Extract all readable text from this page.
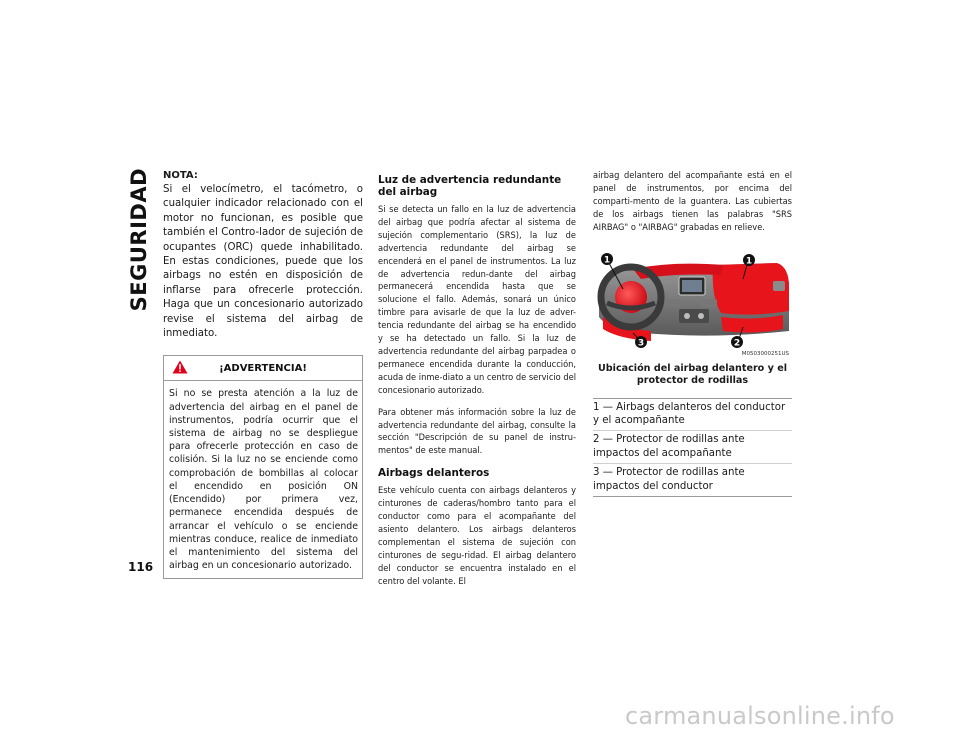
SEGURIDAD
116

NOTA:

Si el velocímetro, el tacómetro, o cualquier indicador relacionado con el motor no funcionan, es posible que también el Contro-lador de sujeción de ocupantes (ORC) quede inhabilitado. En estas condiciones, puede que los airbags no estén en disposición de inflarse para ofrecerle protección. Haga que un concesionario autorizado revise el sistema del airbag de inmediato.

¡ADVERTENCIA!

Si no se presta atención a la luz de advertencia del airbag en el panel de instrumentos, podría ocurrir que el sistema de airbag no se despliegue para ofrecerle protección en caso de colisión. Si la luz no se enciende como comprobación de bombillas al colocar el encendido en posición ON (Encendido) por primera vez, permanece encendida después de arrancar el vehículo o se enciende mientras conduce, realice de inmediato el mantenimiento del sistema del airbag en un concesionario autorizado.

Luz de advertencia redundante del airbag

Si se detecta un fallo en la luz de advertencia del airbag que podría afectar al sistema de sujeción complementario (SRS), la luz de advertencia redundante del airbag se encenderá en el panel de instrumentos. La luz de advertencia redun-dante del airbag permanecerá encendida hasta que se solucione el fallo. Además, sonará un único timbre para avisarle de que la luz de adver-tencia redundante del airbag se ha encendido y se ha detectado un fallo. Si la luz de advertencia redundante del airbag parpadea o permanece encendida durante la conducción, acuda de inme-diato a un centro de servicio del concesionario autorizado.

Para obtener más información sobre la luz de advertencia redundante del airbag, consulte la sección "Descripción de su panel de instru-mentos" de este manual.

Airbags delanteros

Este vehículo cuenta con airbags delanteros y cinturones de caderas/hombro tanto para el conductor como para el acompañante del asiento delantero. Los airbags delanteros complementan el sistema de sujeción con cinturones de segu-ridad. El airbag delantero del conductor se encuentra instalado en el centro del volante. El

airbag delantero del acompañante está en el panel de instrumentos, por encima del comparti-mento de la guantera. Las cubiertas de los airbags tienen las palabras "SRS AIRBAG" o "AIRBAG" grabadas en relieve.

1	1
3	2
M0503000251US

Ubicación del airbag delantero y el protector de rodillas

1 — Airbags delanteros del conductor y el acompañante
2 — Protector de rodillas ante impactos del acompañante
3 — Protector de rodillas ante impactos del conductor
carmanualsonline.info
